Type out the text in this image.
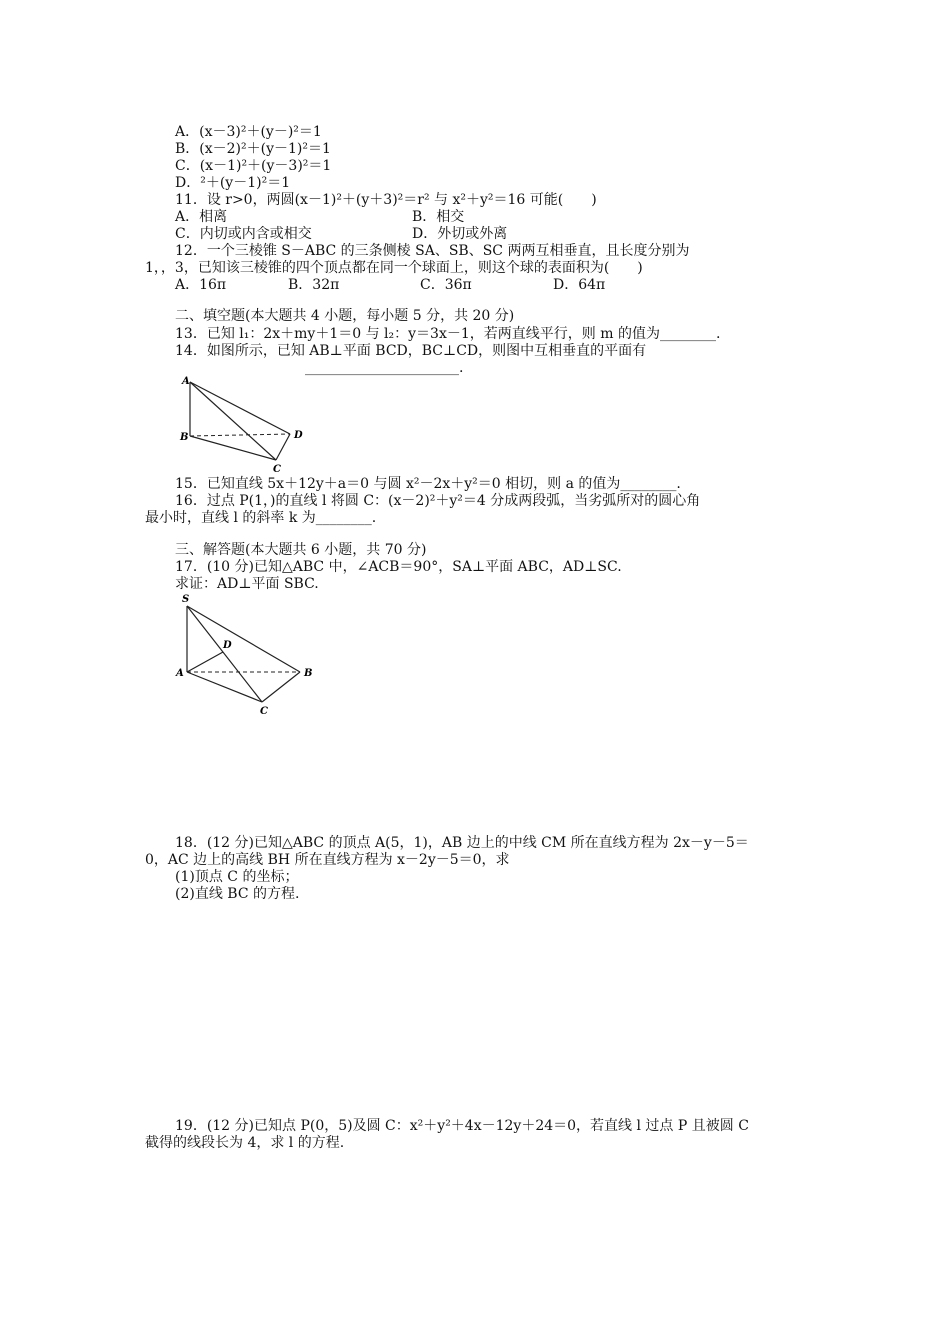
A．(x－3)²＋(y－)²＝1
B．(x－2)²＋(y－1)²＝1
C．(x－1)²＋(y－3)²＝1
D．²＋(y－1)²＝1
11．设 r>0，两圆(x－1)²＋(y＋3)²＝r² 与 x²＋y²＝16 可能(　　)
A．相离	B．相交
C．内切或内含或相交	D．外切或外离
12．一个三棱锥 S－ABC 的三条侧棱 SA、SB、SC 两两互相垂直，且长度分别为
1，，3，已知该三棱锥的四个顶点都在同一个球面上，则这个球的表面积为(　　)
A．16π	B．32π	C．36π	D．64π
二、填空题(本大题共 4 小题，每小题 5 分，共 20 分)
13．已知 l₁：2x＋my＋1＝0 与 l₂：y＝3x－1，若两直线平行，则 m 的值为________.
14．如图所示，已知 AB⊥平面 BCD，BC⊥CD，则图中互相垂直的平面有
______________________.
A
B
C
D
15．已知直线 5x＋12y＋a＝0 与圆 x²－2x＋y²＝0 相切，则 a 的值为________.
16．过点 P(1，)的直线 l 将圆 C：(x－2)²＋y²＝4 分成两段弧，当劣弧所对的圆心角
最小时，直线 l 的斜率 k 为________.
三、解答题(本大题共 6 小题，共 70 分)
17．(10 分)已知△ABC 中，∠ACB＝90°，SA⊥平面 ABC，AD⊥SC.
求证：AD⊥平面 SBC.
S
A	B
C
D
18．(12 分)已知△ABC 的顶点 A(5，1)，AB 边上的中线 CM 所在直线方程为 2x－y－5＝
0，AC 边上的高线 BH 所在直线方程为 x－2y－5＝0，求
(1)顶点 C 的坐标；
(2)直线 BC 的方程.
19．(12 分)已知点 P(0，5)及圆 C：x²＋y²＋4x－12y＋24＝0，若直线 l 过点 P 且被圆 C
截得的线段长为 4，求 l 的方程.
